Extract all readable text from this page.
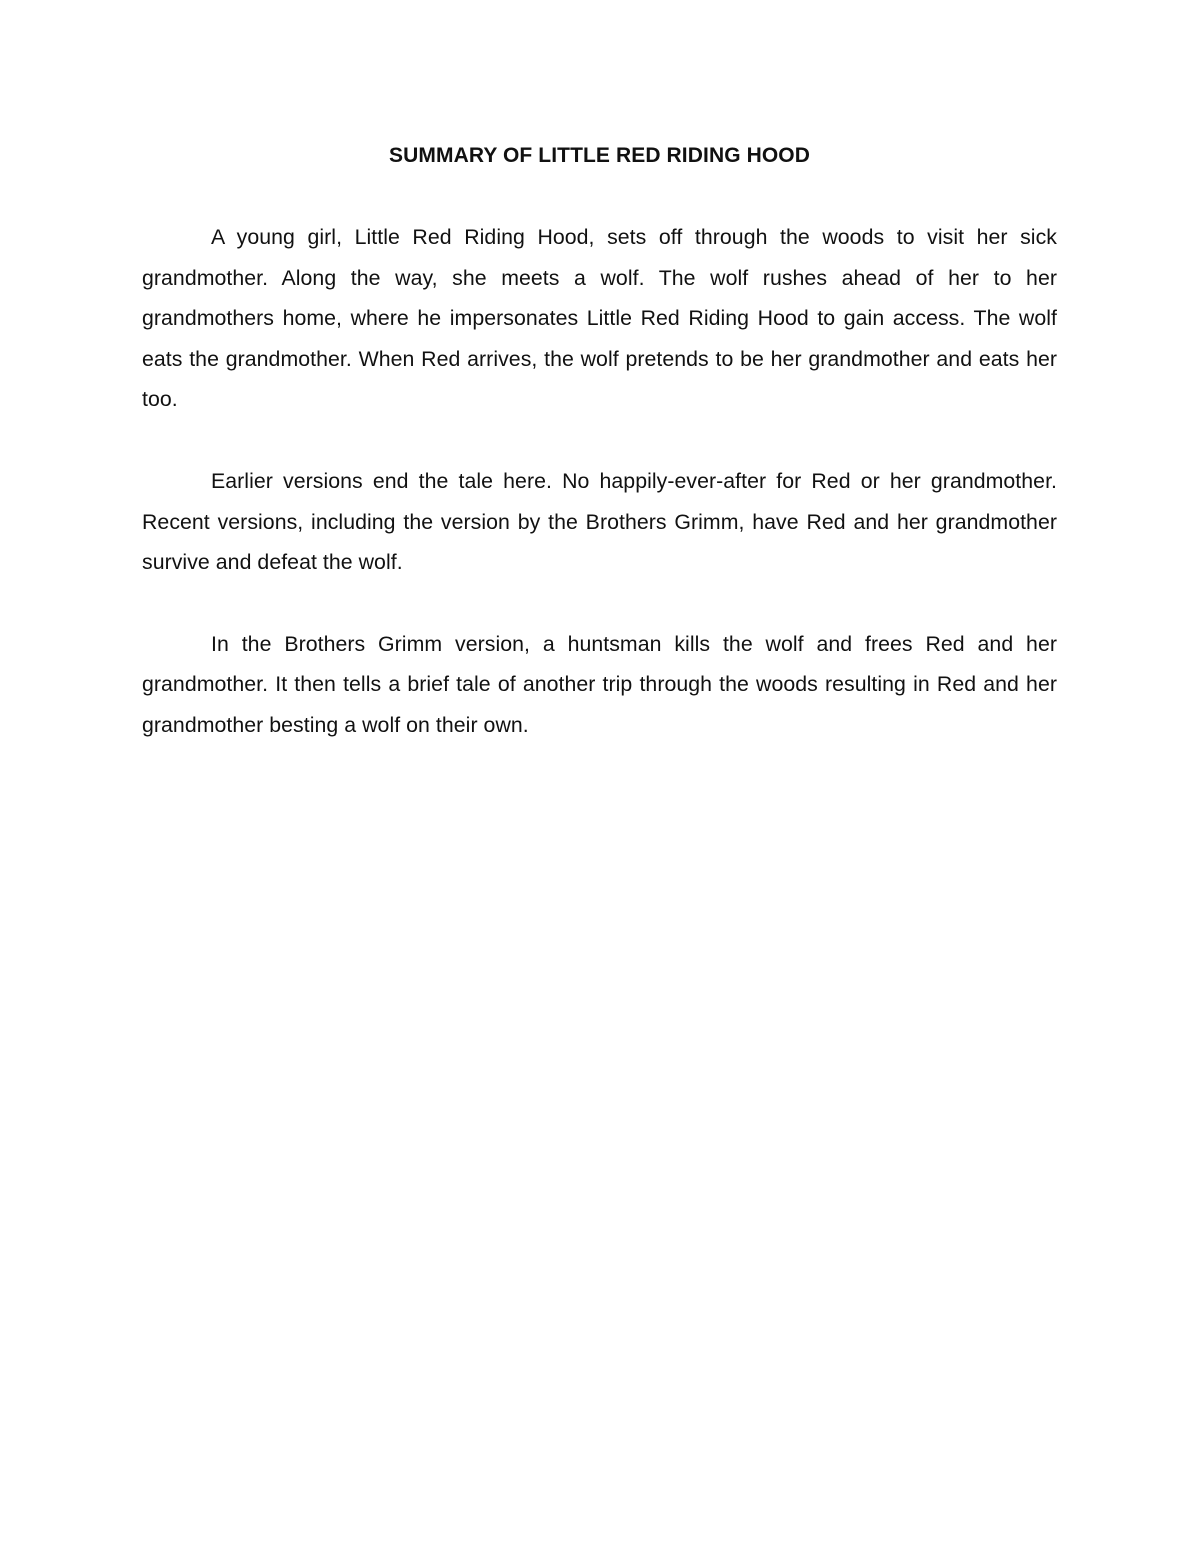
SUMMARY OF LITTLE RED RIDING HOOD

A young girl, Little Red Riding Hood, sets off through the woods to visit her sick grandmother. Along the way, she meets a wolf. The wolf rushes ahead of her to her grandmothers home, where he impersonates Little Red Riding Hood to gain access. The wolf eats the grandmother. When Red arrives, the wolf pretends to be her grandmother and eats her too.

Earlier versions end the tale here. No happily-ever-after for Red or her grandmother. Recent versions, including the version by the Brothers Grimm, have Red and her grandmother survive and defeat the wolf.

In the Brothers Grimm version, a huntsman kills the wolf and frees Red and her grandmother. It then tells a brief tale of another trip through the woods resulting in Red and her grandmother besting a wolf on their own.
